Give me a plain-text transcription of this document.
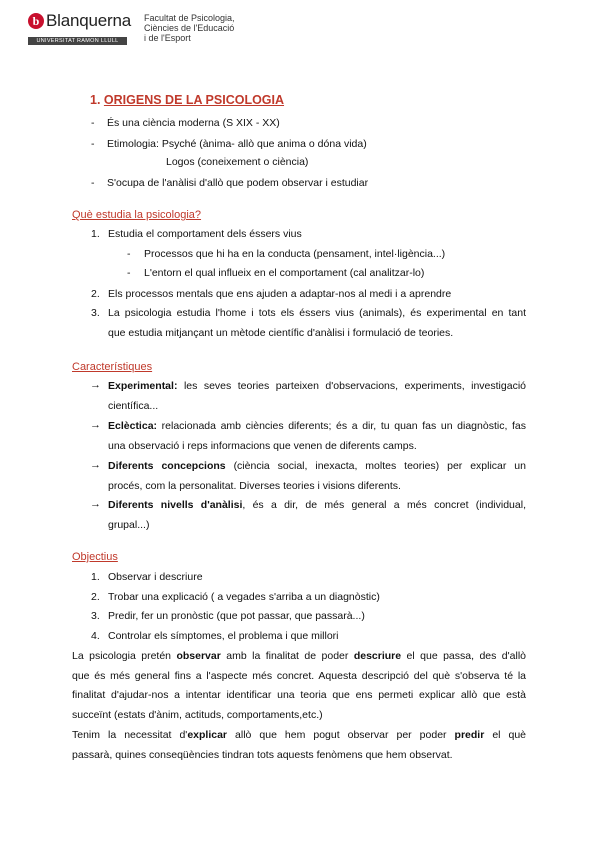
b Blanquerna
UNIVERSITAT RAMON LLULL
Facultat de Psicologia,
Ciències de l'Educació
i de l'Esport
1. ORIGENS DE LA PSICOLOGIA
- És una ciència moderna (S XIX - XX)
- Etimologia: Psyché (ànima- allò que anima o dóna vida)
Logos (coneixement o ciència)
- S'ocupa de l'anàlisi d'allò que podem observar i estudiar
Què estudia la psicologia?
1. Estudia el comportament dels éssers vius
- Processos que hi ha en la conducta (pensament, intel·ligència...)
- L'entorn el qual influeix en el comportament (cal analitzar-lo)
2. Els processos mentals que ens ajuden a adaptar-nos al medi i a aprendre
3. La psicologia estudia l'home i tots els éssers vius (animals), és experimental en tant
que estudia mitjançant un mètode científic d'anàlisi i formulació de teories.
Característiques
→ Experimental: les seves teories parteixen d'observacions, experiments, investigació
científica...
→ Eclèctica: relacionada amb ciències diferents; és a dir, tu quan fas un diagnòstic, fas
una observació i reps informacions que venen de diferents camps.
→ Diferents concepcions (ciència social, inexacta, moltes teories) per explicar un
procés, com la personalitat. Diverses teories i visions diferents.
→ Diferents nivells d'anàlisi, és a dir, de més general a més concret (individual,
grupal...)
Objectius
1. Observar i descriure
2. Trobar una explicació ( a vegades s'arriba a un diagnòstic)
3. Predir, fer un pronòstic (que pot passar, que passarà...)
4. Controlar els símptomes, el problema i que millori
La psicologia pretén observar amb la finalitat de poder descriure el que passa, des d'allò
que és més general fins a l'aspecte més concret. Aquesta descripció del què s'observa té la
finalitat d'ajudar-nos a intentar identificar una teoria que ens permeti explicar allò que està
succeïnt (estats d'ànim, actituds, comportaments,etc.)
Tenim la necessitat d'explicar allò que hem pogut observar per poder predir el què
passarà, quines conseqüències tindran tots aquests fenòmens que hem observat.
